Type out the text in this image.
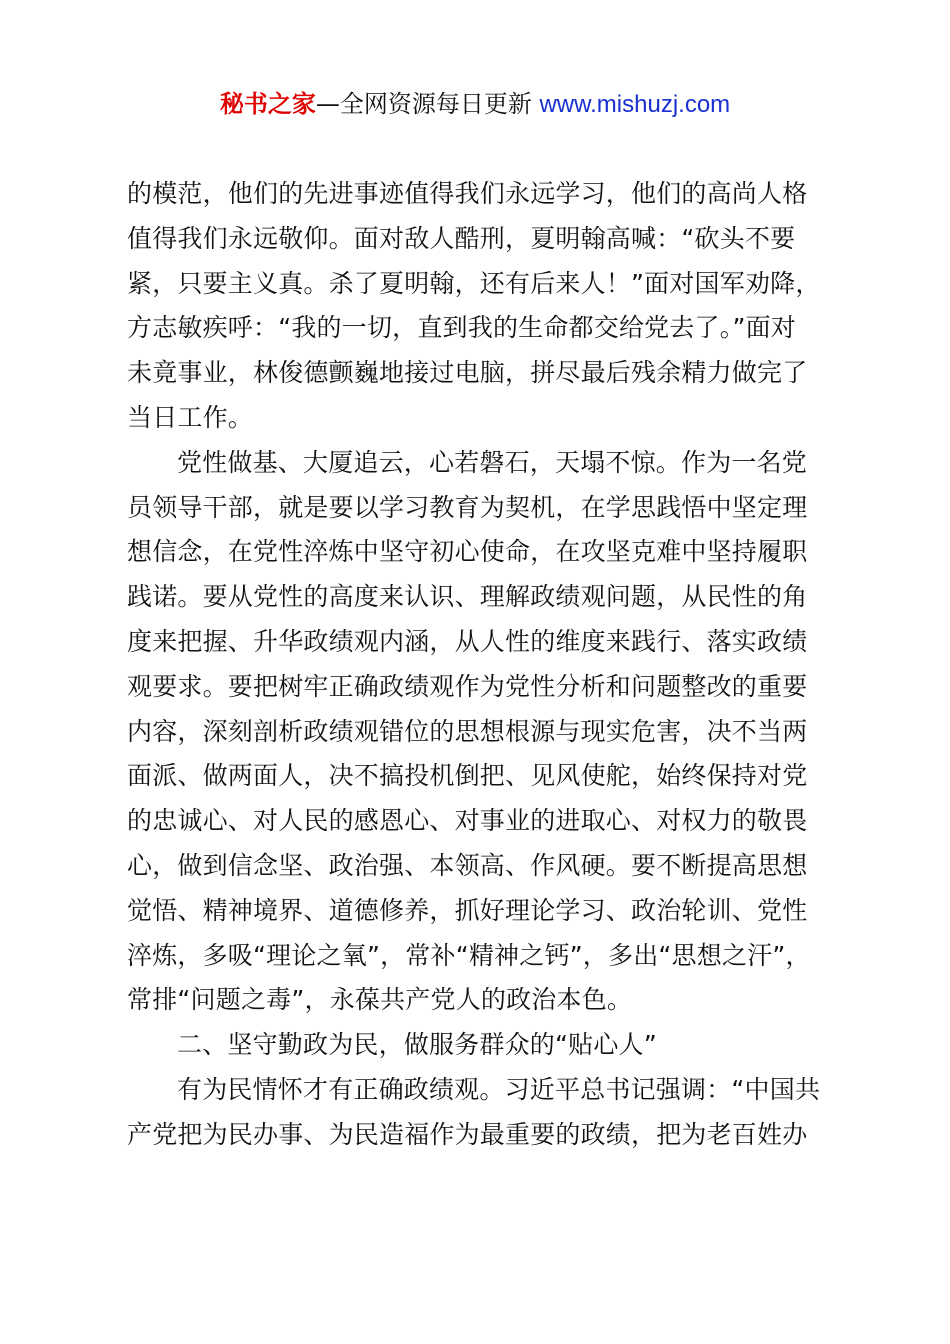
秘书之家—全网资源每日更新 www.mishuzj.com
的模范，他们的先进事迹值得我们永远学习，他们的高尚人格
值得我们永远敬仰。面对敌人酷刑，夏明翰高喊：“砍头不要
紧，只要主义真。杀了夏明翰，还有后来人！”面对国军劝降，
方志敏疾呼：“我的一切，直到我的生命都交给党去了。”面对
未竟事业，林俊德颤巍地接过电脑，拼尽最后残余精力做完了
当日工作。
党性做基、大厦追云，心若磐石，天塌不惊。作为一名党
员领导干部，就是要以学习教育为契机，在学思践悟中坚定理
想信念，在党性淬炼中坚守初心使命，在攻坚克难中坚持履职
践诺。要从党性的高度来认识、理解政绩观问题，从民性的角
度来把握、升华政绩观内涵，从人性的维度来践行、落实政绩
观要求。要把树牢正确政绩观作为党性分析和问题整改的重要
内容，深刻剖析政绩观错位的思想根源与现实危害，决不当两
面派、做两面人，决不搞投机倒把、见风使舵，始终保持对党
的忠诚心、对人民的感恩心、对事业的进取心、对权力的敬畏
心，做到信念坚、政治强、本领高、作风硬。要不断提高思想
觉悟、精神境界、道德修养，抓好理论学习、政治轮训、党性
淬炼，多吸“理论之氧”，常补“精神之钙”，多出“思想之汗”，
常排“问题之毒”，永葆共产党人的政治本色。
二、坚守勤政为民，做服务群众的“贴心人”
有为民情怀才有正确政绩观。习近平总书记强调：“中国共
产党把为民办事、为民造福作为最重要的政绩，把为老百姓办
